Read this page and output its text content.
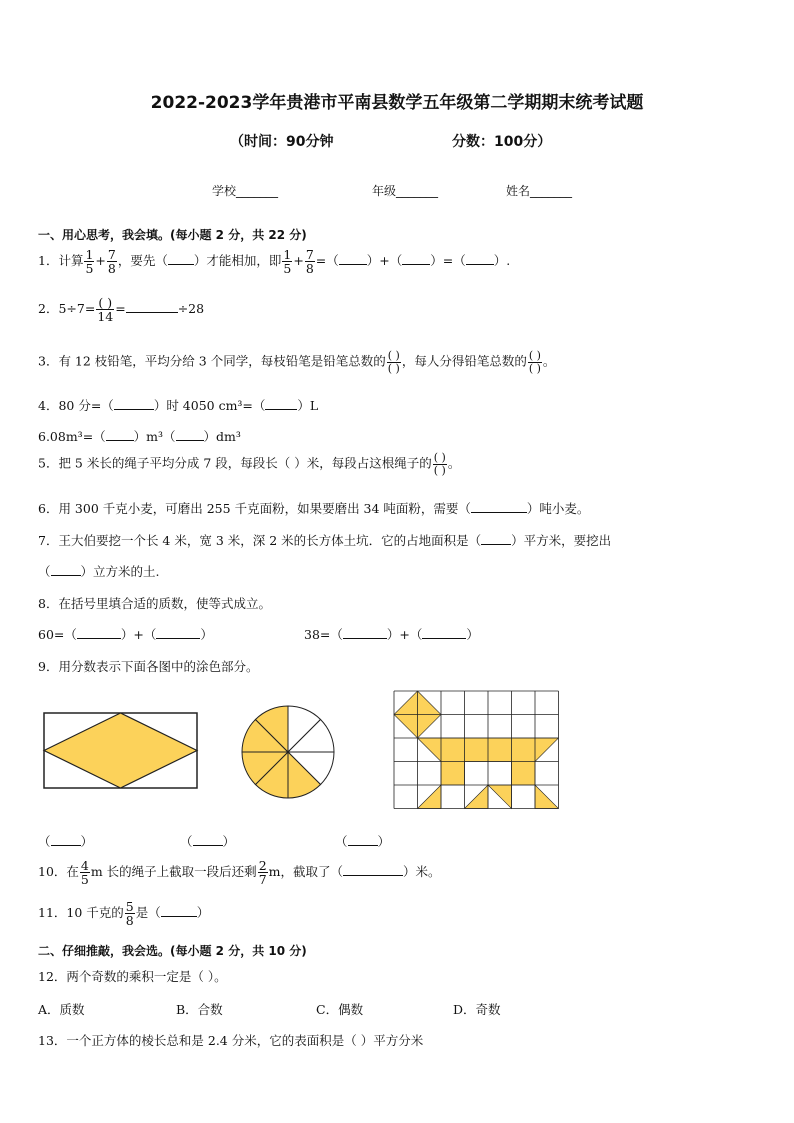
2022-2023学年贵港市平南县数学五年级第二学期期末统考试题
（时间：90分钟	分数：100分）
学校_______	年级_______	姓名_______
一、用心思考，我会填。(每小题 2 分，共 22 分)
1．计算 $\frac{1}{5} + \frac{7}{8}$ ，要先（ ）才能相加，即 $\frac{1}{5} + \frac{7}{8}$ =（ ）+（ ）=（ ）.
2．$5\div 7= \frac{( )}{14}$ =	÷28
3．有 12 枝铅笔，平均分给 3 个同学，每枝铅笔是铅笔总数的 $\frac{( )}{( )}$ ，每人分得铅笔总数的 $\frac{( )}{( )}$ 。
4．80 分=（	）时 4050 cm³=（	）L
6.08m³=（ ）m³（ ）dm³
5．把 5 米长的绳子平均分成 7 段，每段长（ ）米，每段占这根绳子的 $\frac{( )}{( )}$ 。
6．用 300 千克小麦，可磨出 255 千克面粉，如果要磨出 34 吨面粉，需要（	）吨小麦。
7．王大伯要挖一个长 4 米，宽 3 米，深 2 米的长方体土坑．它的占地面积是（ ）平方米，要挖出
（ ）立方米的土.
8．在括号里填合适的质数，使等式成立。
60=（	）+（	）	38=（	）+（	）
9．用分数表示下面各图中的涂色部分。
（ ）	（ ）	（ ）
10．在 $\frac{4}{5}$ m 长的绳子上截取一段后还剩 $\frac{2}{7}$ m，截取了（	）米。
11．10 千克的 $\frac{5}{8}$ 是（	）
二、仔细推敲，我会选。(每小题 2 分，共 10 分)
12．两个奇数的乘积一定是（ ）。
A．质数	B．合数	C．偶数	D．奇数
13．一个正方体的棱长总和是 2.4 分米，它的表面积是（ ）平方分米
